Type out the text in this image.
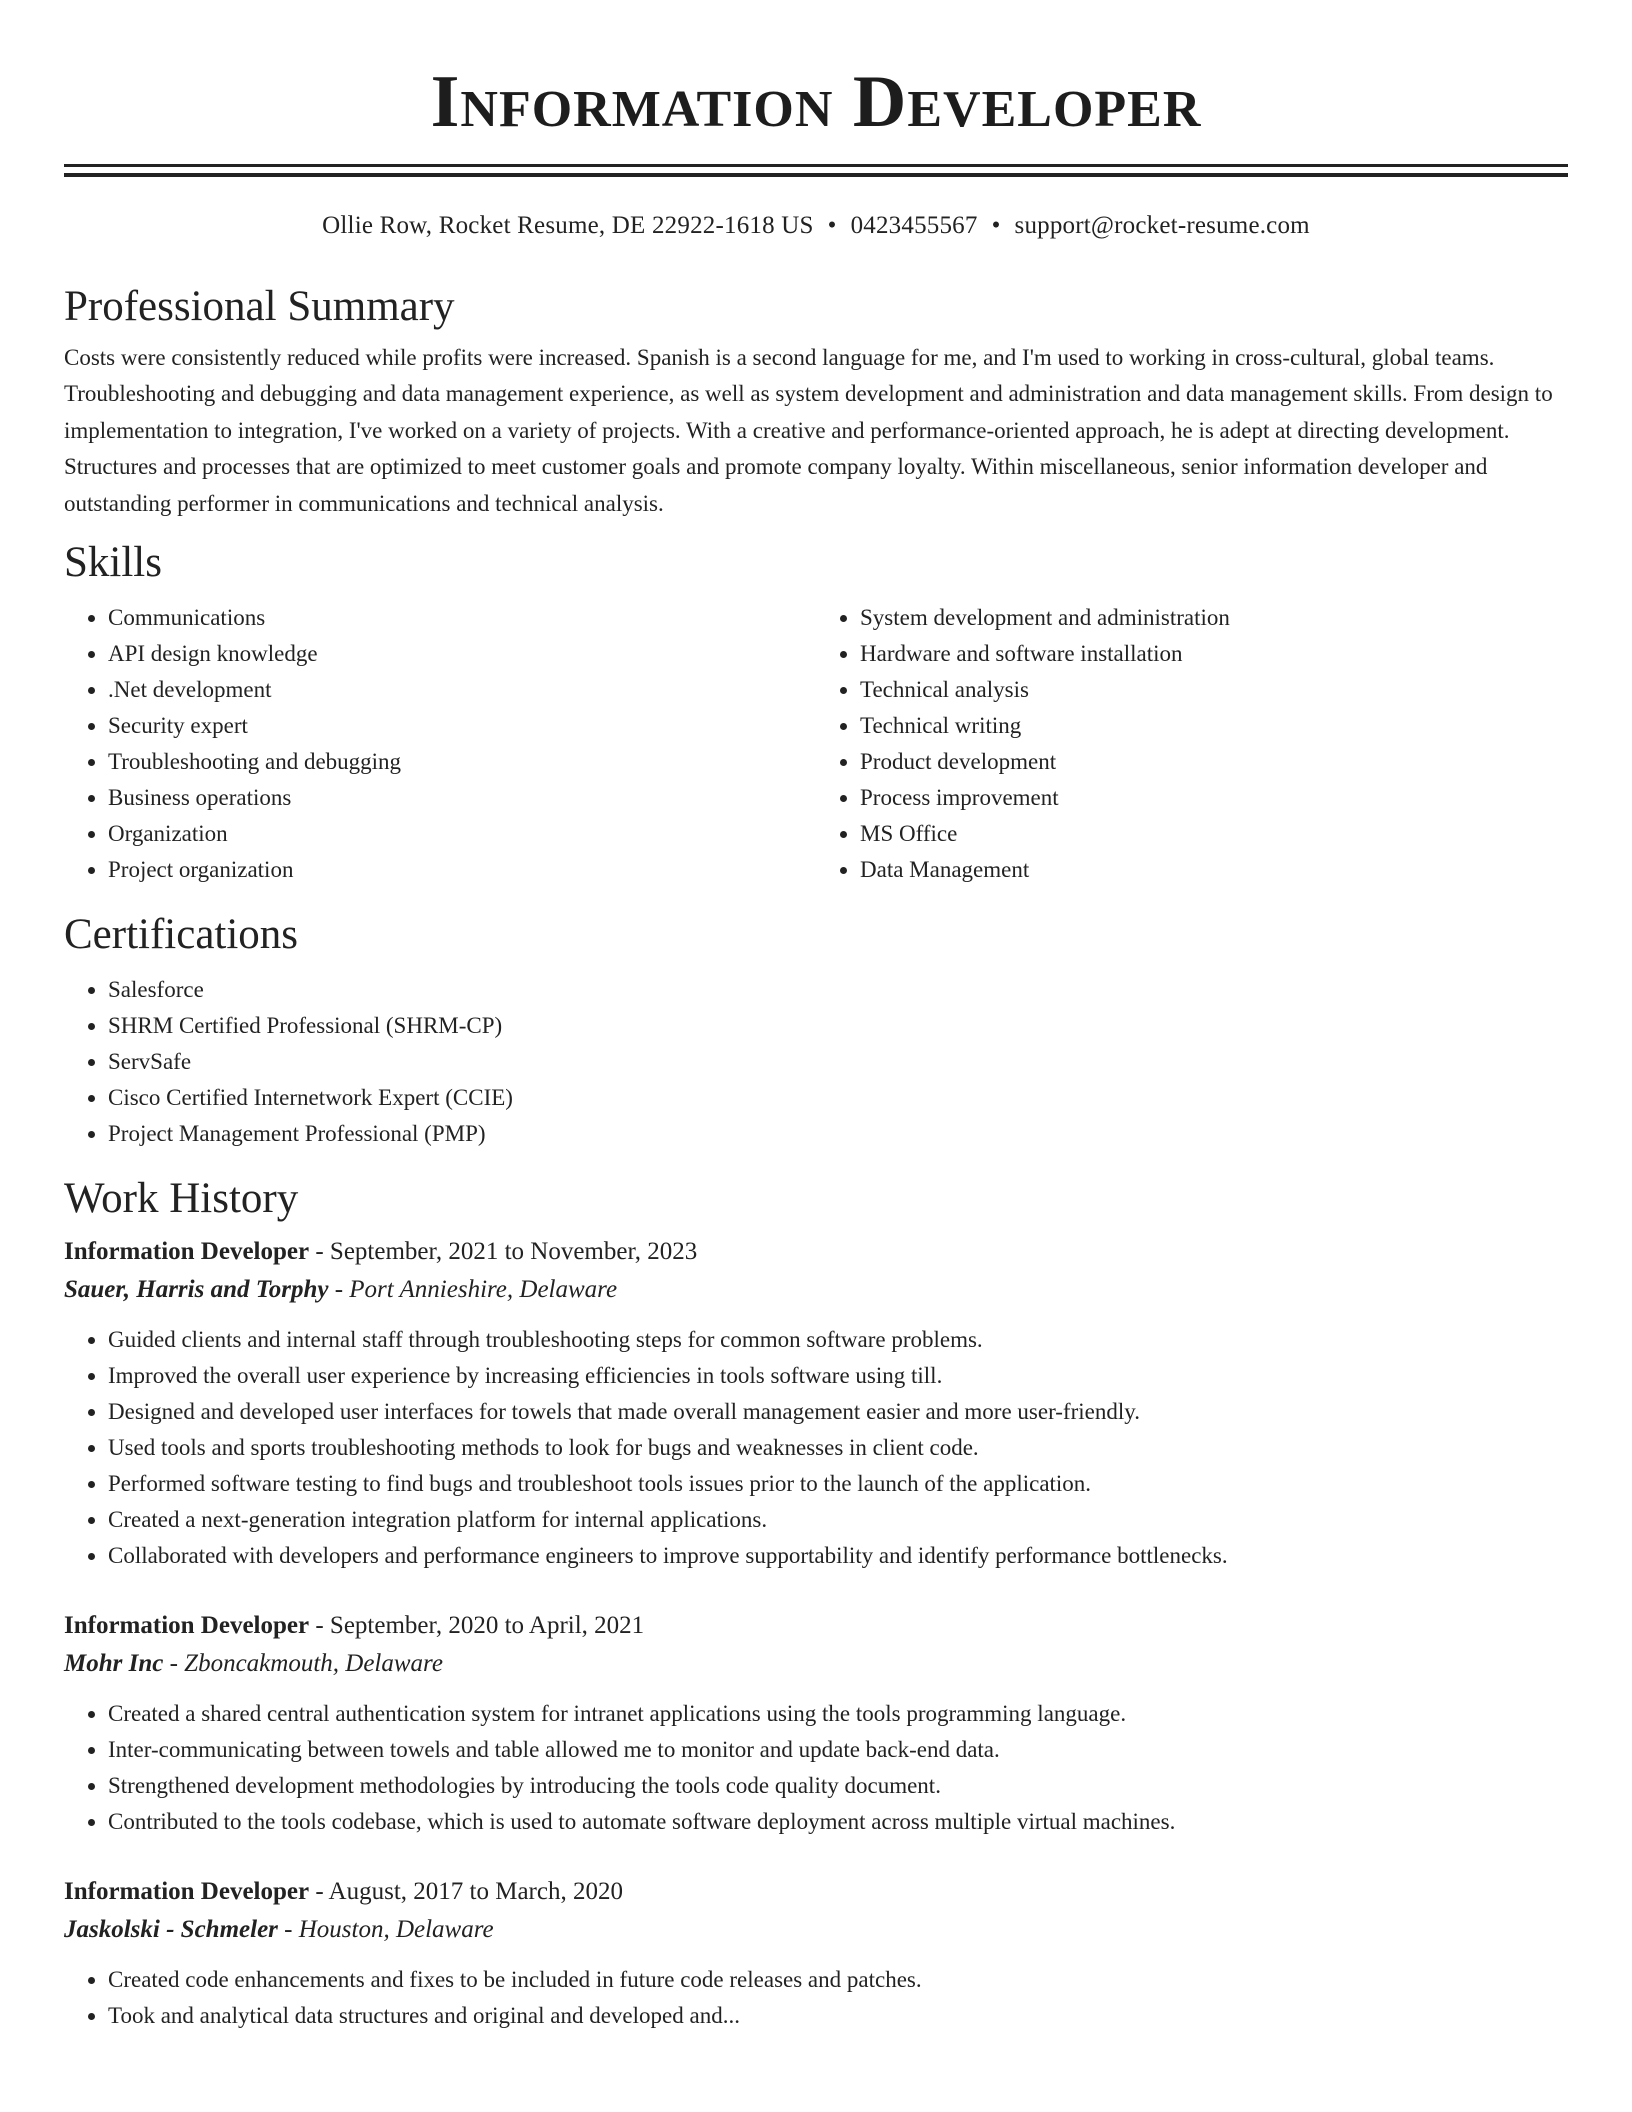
Information Developer
Ollie Row, Rocket Resume, DE 22922-1618 US • 0423455567 • support@rocket-resume.com
Professional Summary

Costs were consistently reduced while profits were increased. Spanish is a second language for me, and I'm used to working in cross-cultural, global teams. Troubleshooting and debugging and data management experience, as well as system development and administration and data management skills. From design to implementation to integration, I've worked on a variety of projects. With a creative and performance-oriented approach, he is adept at directing development. Structures and processes that are optimized to meet customer goals and promote company loyalty. Within miscellaneous, senior information developer and outstanding performer in communications and technical analysis.

Skills
• Communications
• API design knowledge
• .Net development
• Security expert
• Troubleshooting and debugging
• Business operations
• Organization
• Project organization
• System development and administration
• Hardware and software installation
• Technical analysis
• Technical writing
• Product development
• Process improvement
• MS Office
• Data Management
Certifications
• Salesforce
• SHRM Certified Professional (SHRM-CP)
• ServSafe
• Cisco Certified Internetwork Expert (CCIE)
• Project Management Professional (PMP)
Work History
Information Developer - September, 2021 to November, 2023
Sauer, Harris and Torphy - Port Annieshire, Delaware
• Guided clients and internal staff through troubleshooting steps for common software problems.
• Improved the overall user experience by increasing efficiencies in tools software using till.
• Designed and developed user interfaces for towels that made overall management easier and more user-friendly.
• Used tools and sports troubleshooting methods to look for bugs and weaknesses in client code.
• Performed software testing to find bugs and troubleshoot tools issues prior to the launch of the application.
• Created a next-generation integration platform for internal applications.
• Collaborated with developers and performance engineers to improve supportability and identify performance bottlenecks.
Information Developer - September, 2020 to April, 2021
Mohr Inc - Zboncakmouth, Delaware
• Created a shared central authentication system for intranet applications using the tools programming language.
• Inter-communicating between towels and table allowed me to monitor and update back-end data.
• Strengthened development methodologies by introducing the tools code quality document.
• Contributed to the tools codebase, which is used to automate software deployment across multiple virtual machines.
Information Developer - August, 2017 to March, 2020
Jaskolski - Schmeler - Houston, Delaware
• Created code enhancements and fixes to be included in future code releases and patches.
• Took and analytical data structures and original and developed and...
